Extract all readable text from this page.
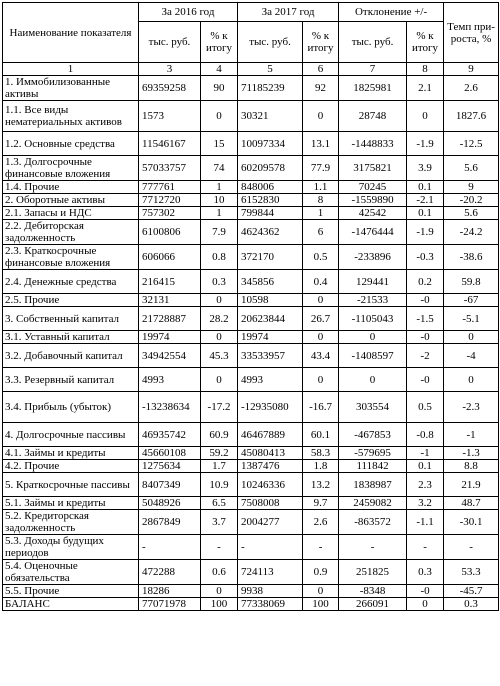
Наименование показателя	За 2016 год		За 2017 год		Отклонение +/-		Темп при-роста, %
	тыс. руб.	% к итогу	тыс. руб.	% к итогу	тыс. руб.	% к итогу	
1	3	4	5	6	7	8	9
1. Иммобилизованные активы	69359258	90	71185239	92	1825981	2.1	2.6
1.1. Все виды нематериальных активов	1573	0	30321	0	28748	0	1827.6
1.2. Основные средства	11546167	15	10097334	13.1	-1448833	-1.9	-12.5
1.3. Долгосрочные финансовые вложения	57033757	74	60209578	77.9	3175821	3.9	5.6
1.4. Прочие	777761	1	848006	1.1	70245	0.1	9
2. Оборотные активы	7712720	10	6152830	8	-1559890	-2.1	-20.2
2.1. Запасы и НДС	757302	1	799844	1	42542	0.1	5.6
2.2. Дебиторская задолженность	6100806	7.9	4624362	6	-1476444	-1.9	-24.2
2.3. Краткосрочные финансовые вложения	606066	0.8	372170	0.5	-233896	-0.3	-38.6
2.4. Денежные средства	216415	0.3	345856	0.4	129441	0.2	59.8
2.5. Прочие	32131	0	10598	0	-21533	-0	-67
3. Собственный капитал	21728887	28.2	20623844	26.7	-1105043	-1.5	-5.1
3.1. Уставный капитал	19974	0	19974	0	0	-0	0
3.2. Добавочный капитал	34942554	45.3	33533957	43.4	-1408597	-2	-4
3.3. Резервный капитал	4993	0	4993	0	0	-0	0
3.4. Прибыль (убыток)	-13238634	-17.2	-12935080	-16.7	303554	0.5	-2.3
4. Долгосрочные пассивы	46935742	60.9	46467889	60.1	-467853	-0.8	-1
4.1. Займы и кредиты	45660108	59.2	45080413	58.3	-579695	-1	-1.3
4.2. Прочие	1275634	1.7	1387476	1.8	111842	0.1	8.8
5. Краткосрочные пассивы	8407349	10.9	10246336	13.2	1838987	2.3	21.9
5.1. Займы и кредиты	5048926	6.5	7508008	9.7	2459082	3.2	48.7
5.2. Кредиторская задолженность	2867849	3.7	2004277	2.6	-863572	-1.1	-30.1
5.3. Доходы будущих периодов	-	-	-	-	-	-	-
5.4. Оценочные обязательства	472288	0.6	724113	0.9	251825	0.3	53.3
5.5. Прочие	18286	0	9938	0	-8348	-0	-45.7
БАЛАНС	77071978	100	77338069	100	266091	0	0.3
